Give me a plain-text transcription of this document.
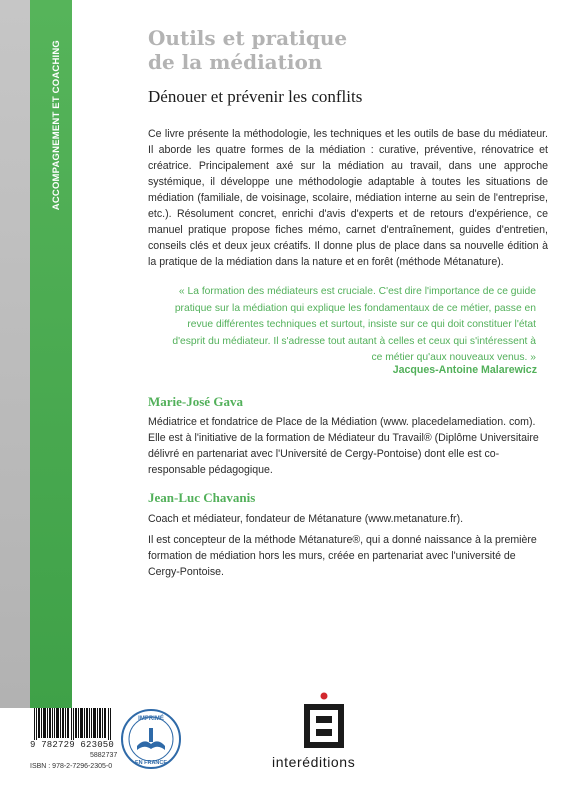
ACCOMPAGNEMENT ET COACHING
Outils et pratique
de la médiation
Dénouer et prévenir les conflits

Ce livre présente la méthodologie, les techniques et les outils de base du médiateur. Il aborde les quatre formes de la médiation : curative, préventive, rénovatrice et créatrice. Principalement axé sur la médiation au travail, dans une approche systémique, il développe une méthodologie adaptable à toutes les situations de médiation (familiale, de voisinage, scolaire, médiation interne au sein de l'entreprise, etc.). Résolument concret, enrichi d'avis d'experts et de retours d'expérience, ce manuel pratique propose fiches mémo, carnet d'entraînement, guides d'entretien, conseils clés et deux jeux créatifs. Il donne plus de place dans sa nouvelle édition à la pratique de la médiation dans la nature et en forêt (méthode Métanature).

« La formation des médiateurs est cruciale. C'est dire l'importance de ce guide pratique sur la médiation qui explique les fondamentaux de ce métier, passe en revue différentes techniques et surtout, insiste sur ce qui doit constituer l'état d'esprit du médiateur. Il s'adresse tout autant à celles et ceux qui s'intéressent à ce métier qu'aux nouveaux venus. »

Jacques-Antoine Malarewicz
Marie-José Gava

Médiatrice et fondatrice de Place de la Médiation (www. placedelamediation. com). Elle est à l'initiative de la formation de Médiateur du Travail® (Diplôme Universitaire délivré en partenariat avec l'Université de Cergy-Pontoise) dont elle est co-responsable pédagogique.

Jean-Luc Chavanis

Coach et médiateur, fondateur de Métanature (www.metanature.fr).

Il est concepteur de la méthode Métanature®, qui a donné naissance à la première formation de médiation hors les murs, créée en partenariat avec l'université de Cergy-Pontoise.

9 782729 623050
5882737
ISBN : 978-2-7296-2305-0
IMPRIMÉ
EN FRANCE	interéditions
